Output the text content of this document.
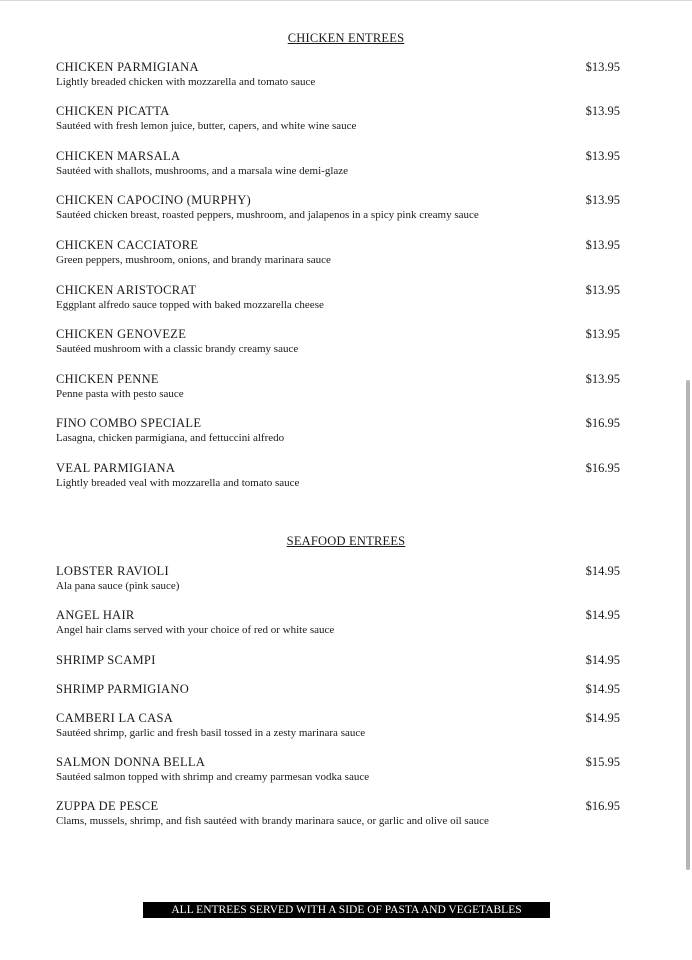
CHICKEN ENTREES
CHICKEN PARMIGIANA
Lightly breaded chicken with mozzarella and tomato sauce
$13.95
CHICKEN PICATTA
Sautéed with fresh lemon juice, butter, capers, and white wine sauce
$13.95
CHICKEN MARSALA
Sautéed with shallots, mushrooms, and a marsala wine demi-glaze
$13.95
CHICKEN CAPOCINO (MURPHY)
Sautéed chicken breast, roasted peppers, mushroom, and jalapenos in a spicy pink creamy sauce
$13.95
CHICKEN CACCIATORE
Green peppers, mushroom, onions, and brandy marinara sauce
$13.95
CHICKEN ARISTOCRAT
Eggplant alfredo sauce topped with baked mozzarella cheese
$13.95
CHICKEN GENOVEZE
Sautéed mushroom with a classic brandy creamy sauce
$13.95
CHICKEN PENNE
Penne pasta with pesto sauce
$13.95
FINO COMBO SPECIALE
Lasagna, chicken parmigiana, and fettuccini alfredo
$16.95
VEAL PARMIGIANA
Lightly breaded veal with mozzarella and tomato sauce
$16.95
SEAFOOD ENTREES
LOBSTER RAVIOLI
Ala pana sauce (pink sauce)
$14.95
ANGEL HAIR
Angel hair clams served with your choice of red or white sauce
$14.95
SHRIMP SCAMPI	$14.95
SHRIMP PARMIGIANO	$14.95
CAMBERI LA CASA
Sautéed shrimp, garlic and fresh basil tossed in a zesty marinara sauce
$14.95
SALMON DONNA BELLA
Sautéed salmon topped with shrimp and creamy parmesan vodka sauce
$15.95
ZUPPA DE PESCE
Clams, mussels, shrimp, and fish sautéed with brandy marinara sauce, or garlic and olive oil sauce
$16.95
ALL ENTREES SERVED WITH A SIDE OF PASTA AND VEGETABLES
